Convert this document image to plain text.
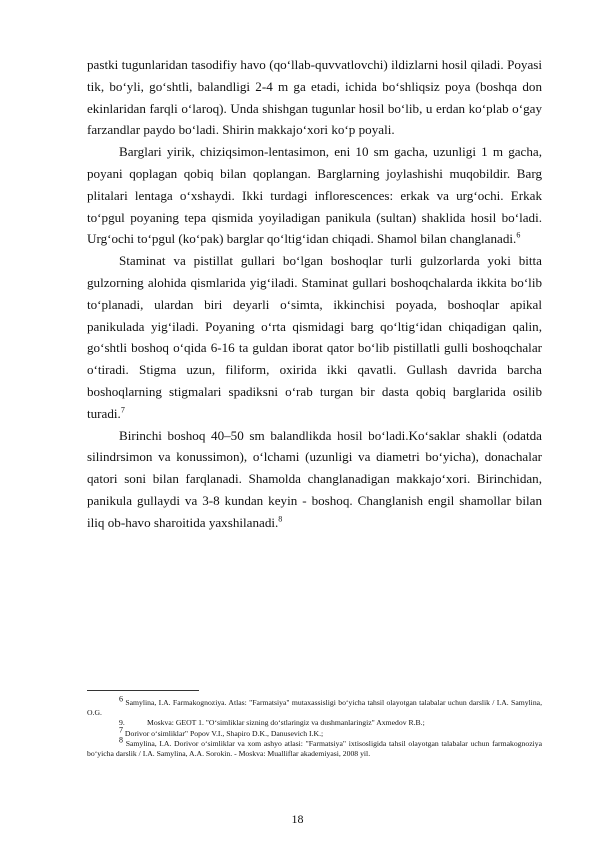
pastki tugunlaridan tasodifiy havo (qo‘llab-quvvatlovchi) ildizlarni hosil qiladi. Poyasi tik, bo‘yli, go‘shtli, balandligi 2-4 m ga etadi, ichida bo‘shliqsiz poya (boshqa don ekinlaridan farqli o‘laroq). Unda shishgan tugunlar hosil bo‘lib, u erdan ko‘plab o‘gay farzandlar paydo bo‘ladi. Shirin makkajo‘xori ko‘p poyali.

Barglari yirik, chiziqsimon-lentasimon, eni 10 sm gacha, uzunligi 1 m gacha, poyani qoplagan qobiq bilan qoplangan. Barglarning joylashishi muqobildir. Barg plitalari lentaga o‘xshaydi. Ikki turdagi inflorescences: erkak va urg‘ochi. Erkak to‘pgul poyaning tepa qismida yoyiladigan panikula (sultan) shaklida hosil bo‘ladi. Urg‘ochi to‘pgul (ko‘pak) barglar qo‘ltig‘idan chiqadi. Shamol bilan changlanadi.$^6$

Staminat va pistillat gullari bo‘lgan boshoqlar turli gulzorlarda yoki bitta gulzorning alohida qismlarida yig‘iladi. Staminat gullari boshoqchalarda ikkita bo‘lib to‘planadi, ulardan biri deyarli o‘simta, ikkinchisi poyada, boshoqlar apikal panikulada yig‘iladi. Poyaning o‘rta qismidagi barg qo‘ltig‘idan chiqadigan qalin, go‘shtli boshoq o‘qida 6-16 ta guldan iborat qator bo‘lib pistillatli gulli boshoqchalar o‘tiradi. Stigma uzun, filiform, oxirida ikki qavatli. Gullash davrida barcha boshoqlarning stigmalari spadiksni o‘rab turgan bir dasta qobiq barglarida osilib turadi.$^7$

Birinchi boshoq 40–50 sm balandlikda hosil bo‘ladi.Ko‘saklar shakli (odatda silindrsimon va konussimon), o‘lchami (uzunligi va diametri bo‘yicha), donachalar qatori soni bilan farqlanadi. Shamolda changlanadigan makkajo‘xori. Birinchidan, panikula gullaydi va 3-8 kundan keyin - boshoq. Changlanish engil shamollar bilan iliq ob-havo sharoitida yaxshilanadi.$^8$

$^6$ Samylina, I.A. Farmakognoziya. Atlas: "Farmatsiya" mutaxassisligi bo‘yicha tahsil olayotgan talabalar uchun darslik / I.A. Samylina, O.G.

9.	Moskva: GEOT 1. "O‘simliklar sizning do‘stlaringiz va dushmanlaringiz" Axmedov R.B.;

$^7$ Dorivor o‘simliklar" Popov V.I., Shapiro D.K., Danusevich I.K.;

$^8$ Samylina, I.A. Dorivor o‘simliklar va xom ashyo atlasi: "Farmatsiya" ixtisosligida tahsil olayotgan talabalar uchun farmakognoziya bo‘yicha darslik / I.A. Samylina, A.A. Sorokin. - Moskva: Mualliflar akademiyasi, 2008 yil.

18
